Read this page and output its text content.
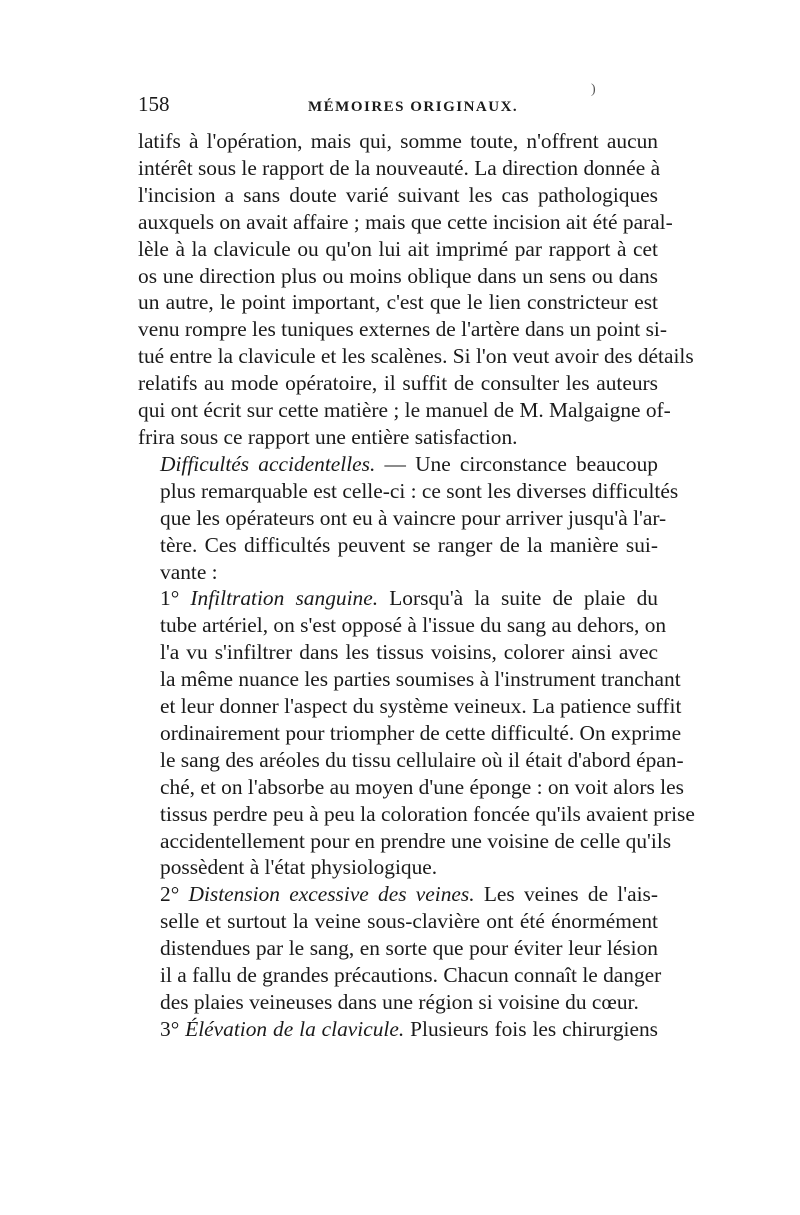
)
158	MÉMOIRES ORIGINAUX.

latifs à l'opération, mais qui, somme toute, n'offrent aucun
intérêt sous le rapport de la nouveauté. La direction donnée à
l'incision a sans doute varié suivant les cas pathologiques
auxquels on avait affaire ; mais que cette incision ait été paral-
lèle à la clavicule ou qu'on lui ait imprimé par rapport à cet
os une direction plus ou moins oblique dans un sens ou dans
un autre, le point important, c'est que le lien constricteur est
venu rompre les tuniques externes de l'artère dans un point si-
tué entre la clavicule et les scalènes. Si l'on veut avoir des détails
relatifs au mode opératoire, il suffit de consulter les auteurs
qui ont écrit sur cette matière ; le manuel de M. Malgaigne of-
frira sous ce rapport une entière satisfaction.

Difficultés accidentelles. — Une circonstance beaucoup
plus remarquable est celle-ci : ce sont les diverses difficultés
que les opérateurs ont eu à vaincre pour arriver jusqu'à l'ar-
tère. Ces difficultés peuvent se ranger de la manière sui-
vante :

1° Infiltration sanguine. Lorsqu'à la suite de plaie du
tube artériel, on s'est opposé à l'issue du sang au dehors, on
l'a vu s'infiltrer dans les tissus voisins, colorer ainsi avec
la même nuance les parties soumises à l'instrument tranchant
et leur donner l'aspect du système veineux. La patience suffit
ordinairement pour triompher de cette difficulté. On exprime
le sang des aréoles du tissu cellulaire où il était d'abord épan-
ché, et on l'absorbe au moyen d'une éponge : on voit alors les
tissus perdre peu à peu la coloration foncée qu'ils avaient prise
accidentellement pour en prendre une voisine de celle qu'ils
possèdent à l'état physiologique.

2° Distension excessive des veines. Les veines de l'ais-
selle et surtout la veine sous-clavière ont été énormément
distendues par le sang, en sorte que pour éviter leur lésion
il a fallu de grandes précautions. Chacun connaît le danger
des plaies veineuses dans une région si voisine du cœur.

3° Élévation de la clavicule. Plusieurs fois les chirurgiens
